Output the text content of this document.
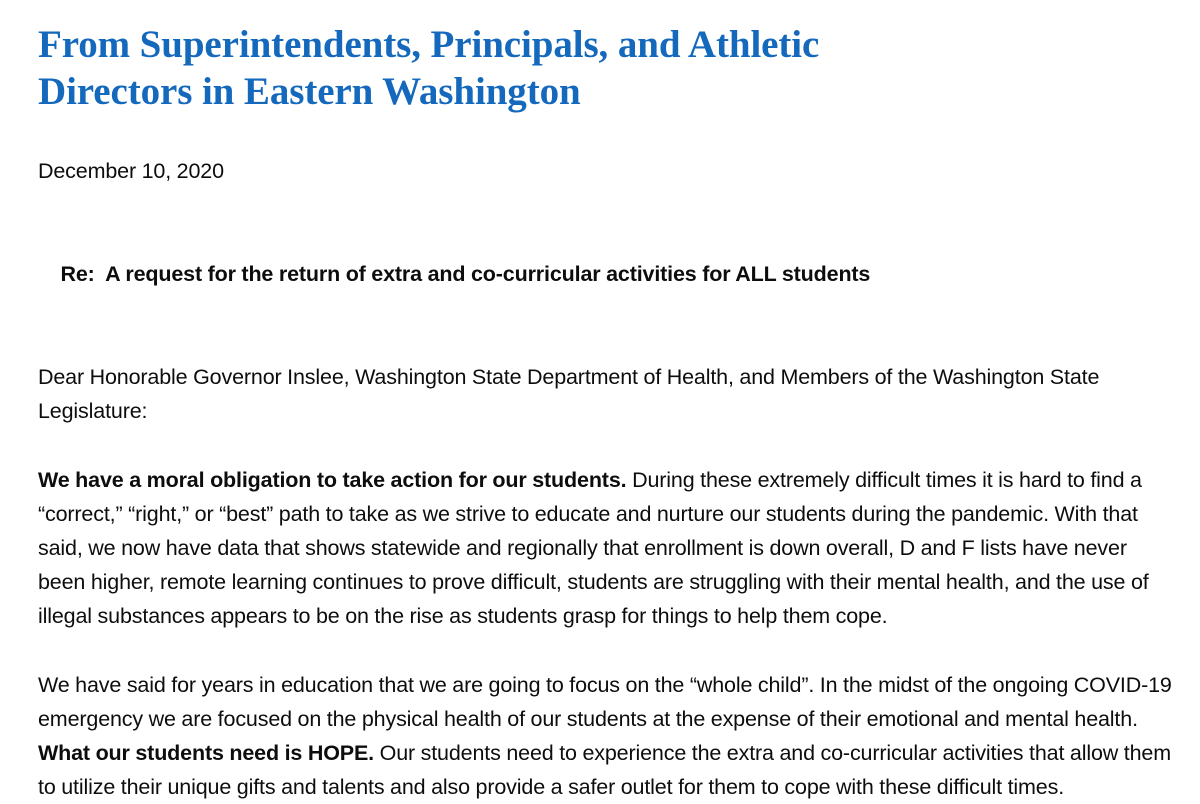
From Superintendents, Principals, and Athletic Directors in Eastern Washington

December 10, 2020

Re: A request for the return of extra and co-curricular activities for ALL students

Dear Honorable Governor Inslee, Washington State Department of Health, and Members of the Washington State Legislature:

We have a moral obligation to take action for our students. During these extremely difficult times it is hard to find a “correct,” “right,” or “best” path to take as we strive to educate and nurture our students during the pandemic. With that said, we now have data that shows statewide and regionally that enrollment is down overall, D and F lists have never been higher, remote learning continues to prove difficult, students are struggling with their mental health, and the use of illegal substances appears to be on the rise as students grasp for things to help them cope.

We have said for years in education that we are going to focus on the “whole child”. In the midst of the ongoing COVID-19 emergency we are focused on the physical health of our students at the expense of their emotional and mental health. What our students need is HOPE. Our students need to experience the extra and co-curricular activities that allow them to utilize their unique gifts and talents and also provide a safer outlet for them to cope with these difficult times.
